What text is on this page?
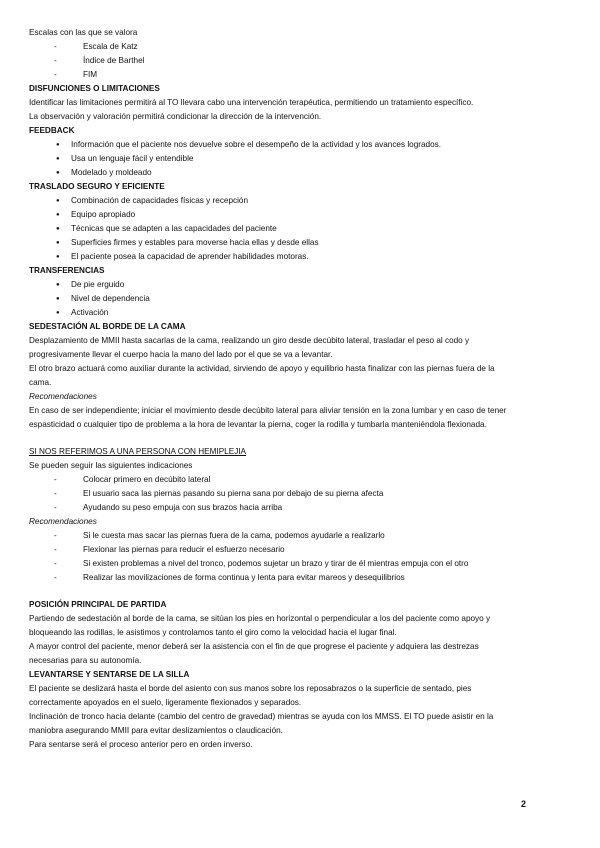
Escalas con las que se valora

- Escala de Katz

- Índice de Barthel

- FIM

DISFUNCIONES O LIMITACIONES

Identificar las limitaciones permitirá al TO llevara cabo una intervención terapéutica, permitiendo un tratamiento específico.

La observación y valoración permitirá condicionar la dirección de la intervención.

FEEDBACK

● Información que el paciente nos devuelve sobre el desempeño de la actividad y los avances logrados.

● Usa un lenguaje fácil y entendible

● Modelado y moldeado

TRASLADO SEGURO Y EFICIENTE

● Combinación de capacidades físicas y recepción

● Equipo apropiado

● Técnicas que se adapten a las capacidades del paciente

● Superficies firmes y estables para moverse hacia ellas y desde ellas

● El paciente posea la capacidad de aprender habilidades motoras.

TRANSFERENCIAS

● De pie erguido

● Nivel de dependencia

● Activación

SEDESTACIÓN AL BORDE DE LA CAMA

Desplazamiento de MMII hasta sacarlas de la cama, realizando un giro desde decúbito lateral, trasladar el peso al codo y

progresivamente llevar el cuerpo hacia la mano del lado por el que se va a levantar.

El otro brazo actuará como auxiliar durante la actividad, sirviendo de apoyo y equilibrio hasta finalizar con las piernas fuera de la

cama.

Recomendaciones

En caso de ser independiente; iniciar el movimiento desde decúbito lateral para aliviar tensión en la zona lumbar y en caso de tener

espasticidad o cualquier tipo de problema a la hora de levantar la pierna, coger la rodilla y tumbarla manteniéndola flexionada.

SI NOS REFERIMOS A UNA PERSONA CON HEMIPLEJIA

Se pueden seguir las siguientes indicaciones

- Colocar primero en decúbito lateral

- El usuario saca las piernas pasando su pierna sana por debajo de su pierna afecta

- Ayudando su peso empuja con sus brazos hacia arriba

Recomendaciones

- Si le cuesta mas sacar las piernas fuera de la cama, podemos ayudarle a realizarlo

- Flexionar las piernas para reducir el esfuerzo necesario

- Si existen problemas a nivel del tronco, podemos sujetar un brazo y tirar de él mientras empuja con el otro

- Realizar las movilizaciones de forma continua y lenta para evitar mareos y desequilibrios

POSICIÓN PRINCIPAL DE PARTIDA

Partiendo de sedestación al borde de la cama, se sitúan los pies en horizontal o perpendicular a los del paciente como apoyo y

bloqueando las rodillas, le asistimos y controlamos tanto el giro como la velocidad hacia el lugar final.

A mayor control del paciente, menor deberá ser la asistencia con el fin de que progrese el paciente y adquiera las destrezas

necesarias para su autonomía.

LEVANTARSE Y SENTARSE DE LA SILLA

El paciente se deslizará hasta el borde del asiento con sus manos sobre los reposabrazos o la superficie de sentado, pies

correctamente apoyados en el suelo, ligeramente flexionados y separados.

Inclinación de tronco hacia delante (cambio del centro de gravedad) mientras se ayuda con los MMSS. El TO puede asistir en la

maniobra asegurando MMII para evitar deslizamientos o claudicación.

Para sentarse será el proceso anterior pero en orden inverso.

2
